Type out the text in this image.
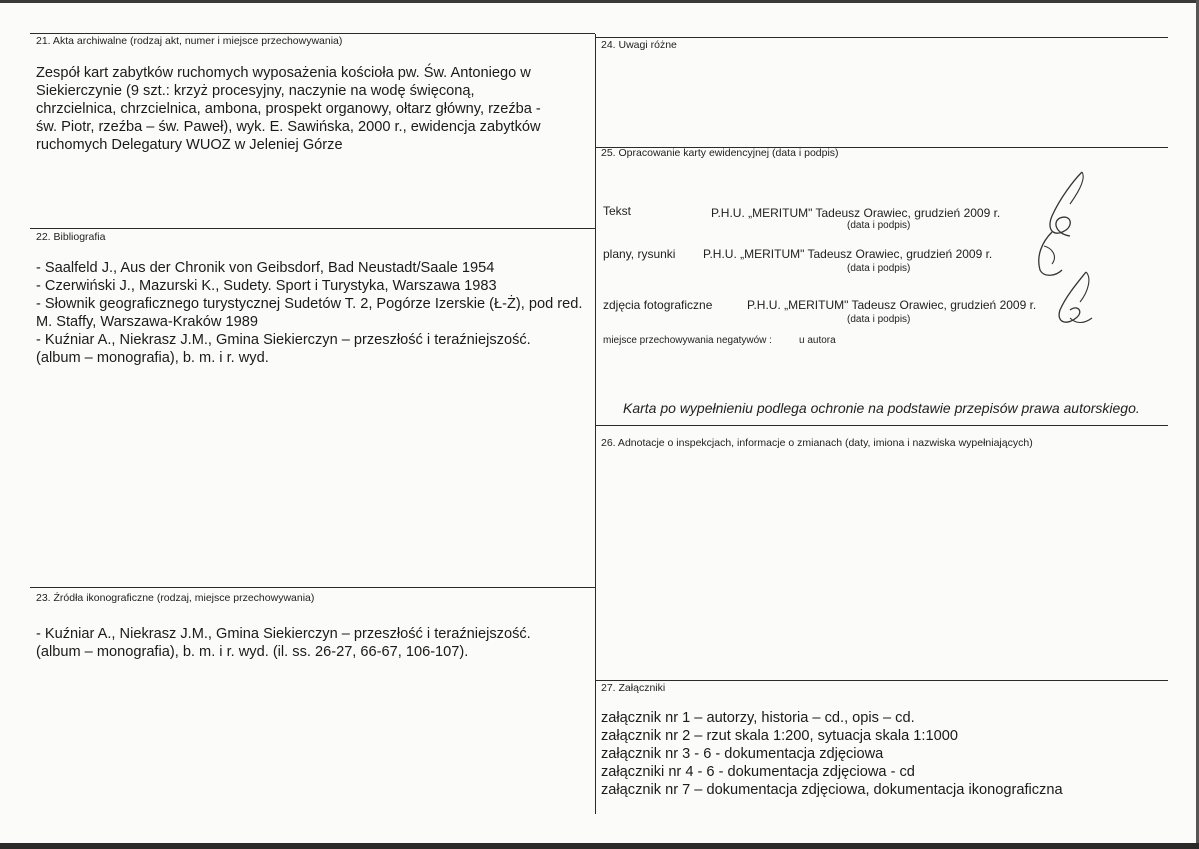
21. Akta archiwalne (rodzaj akt, numer i miejsce przechowywania)
Zespół kart zabytków ruchomych wyposażenia kościoła pw. Św. Antoniego w
Siekierczynie (9 szt.: krzyż procesyjny, naczynie na wodę święconą,
chrzcielnica, chrzcielnica, ambona, prospekt organowy, ołtarz główny, rzeźba -
św. Piotr, rzeźba – św. Paweł), wyk. E. Sawińska, 2000 r., ewidencja zabytków
ruchomych Delegatury WUOZ w Jeleniej Górze
22. Bibliografia
- Saalfeld J., Aus der Chronik von Geibsdorf, Bad Neustadt/Saale 1954
- Czerwiński J., Mazurski K., Sudety. Sport i Turystyka, Warszawa 1983
- Słownik geograficznego turystycznej Sudetów T. 2, Pogórze Izerskie (Ł-Ż), pod red.
M. Staffy, Warszawa-Kraków 1989
- Kuźniar A., Niekrasz J.M., Gmina Siekierczyn – przeszłość i teraźniejszość.
(album – monografia), b. m. i r. wyd.
23. Źródła ikonograficzne (rodzaj, miejsce przechowywania)
- Kuźniar A., Niekrasz J.M., Gmina Siekierczyn – przeszłość i teraźniejszość.
(album – monografia), b. m. i r. wyd. (il. ss. 26-27, 66-67, 106-107).
24. Uwagi różne
25. Opracowanie karty ewidencyjnej (data i podpis)
Tekst	P.H.U. „MERITUM" Tadeusz Orawiec, grudzień 2009 r.
(data i podpis)
plany, rysunki P.H.U. „MERITUM" Tadeusz Orawiec, grudzień 2009 r.
(data i podpis)
zdjęcia fotograficzne	P.H.U. „MERITUM" Tadeusz Orawiec, grudzień 2009 r.
(data i podpis)
miejsce przechowywania negatywów :	u autora
Karta po wypełnieniu podlega ochronie na podstawie przepisów prawa autorskiego.
26. Adnotacje o inspekcjach, informacje o zmianach (daty, imiona i nazwiska wypełniających)
27. Załączniki
załącznik nr 1 – autorzy, historia – cd., opis – cd.
załącznik nr 2 – rzut skala 1:200, sytuacja skala 1:1000
załącznik nr 3 - 6 - dokumentacja zdjęciowa
załączniki nr 4 - 6 - dokumentacja zdjęciowa - cd
załącznik nr 7 – dokumentacja zdjęciowa, dokumentacja ikonograficzna
